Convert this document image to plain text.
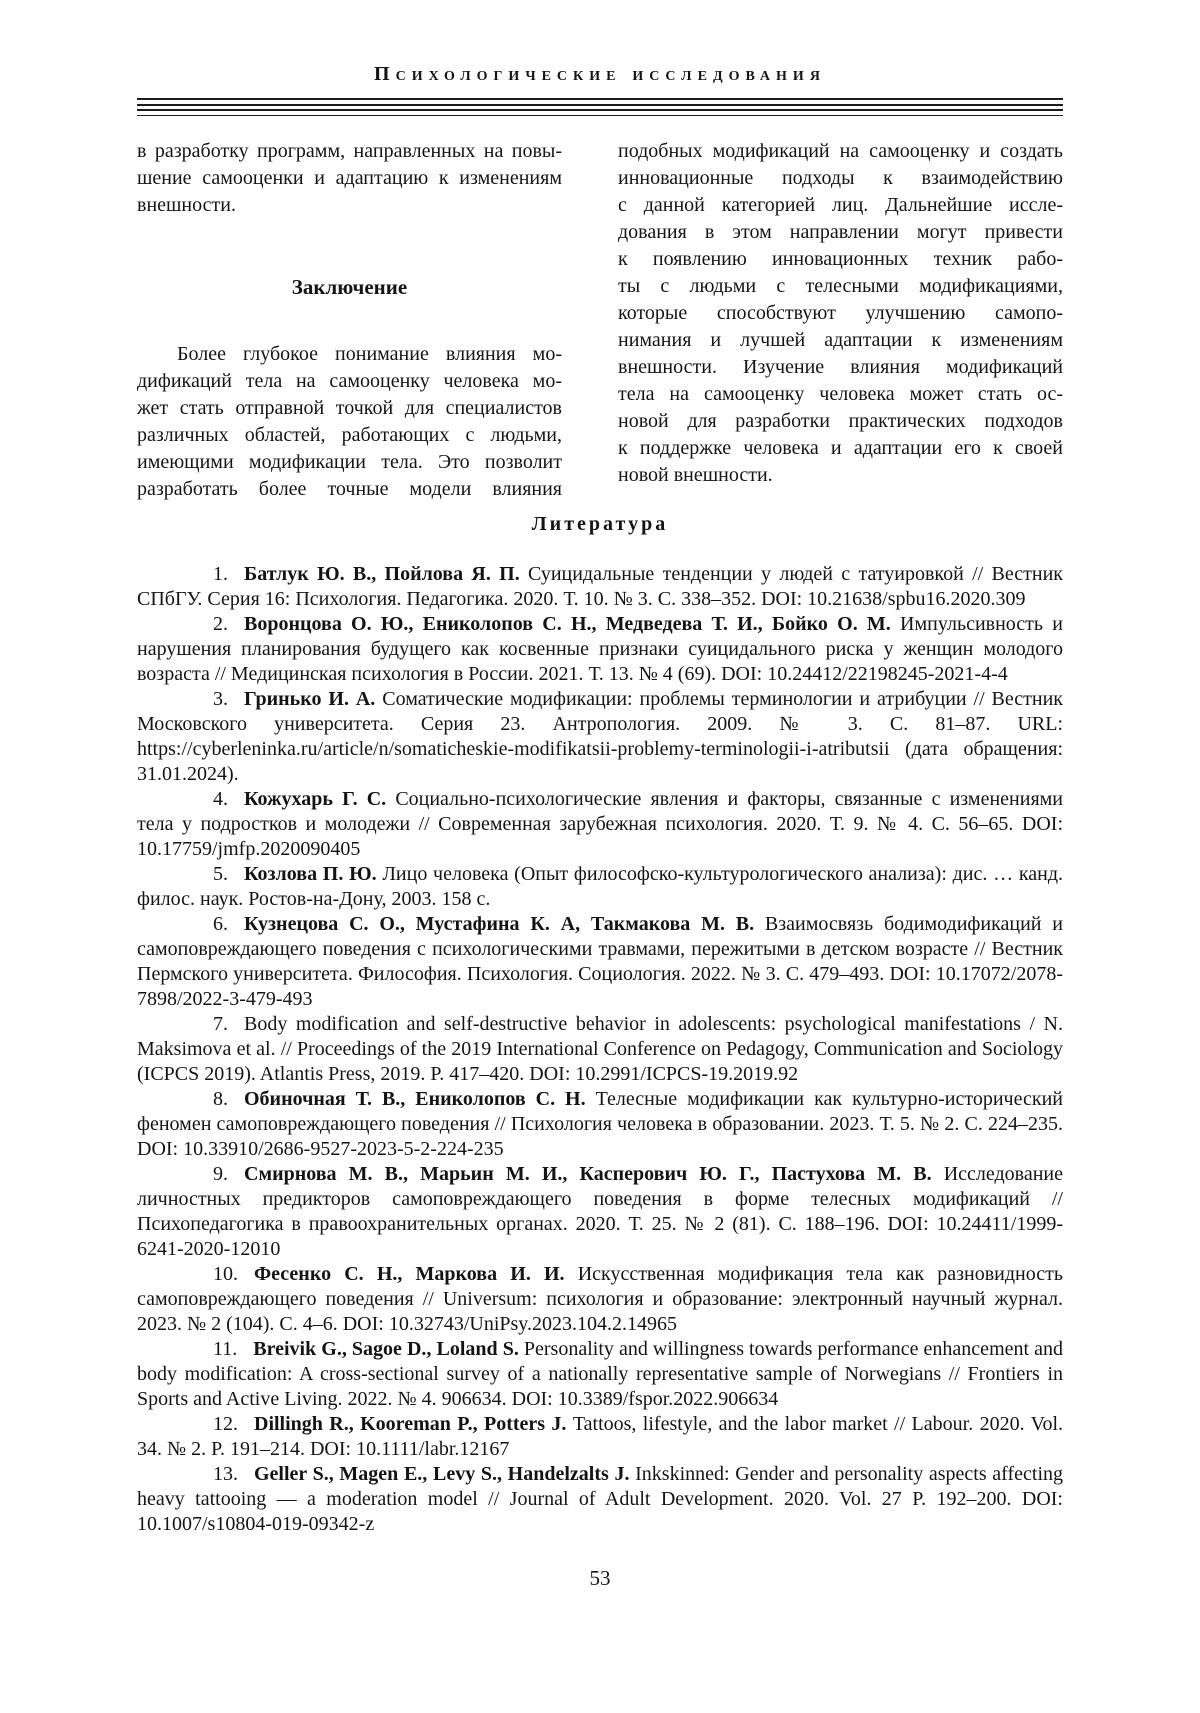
Психологические исследования
в разработку программ, направленных на повы-
шение самооценки и адаптацию к изменениям
внешности.
Заключение
Более глубокое понимание влияния мо-
дификаций тела на самооценку человека мо-
жет стать отправной точкой для специалистов
различных областей, работающих с людьми,
имеющими модификации тела. Это позволит
разработать более точные модели влияния
подобных модификаций на самооценку и создать
инновационные подходы к взаимодействию
с данной категорией лиц. Дальнейшие иссле-
дования в этом направлении могут привести
к появлению инновационных техник рабо-
ты с людьми с телесными модификациями,
которые способствуют улучшению самопо-
нимания и лучшей адаптации к изменениям
внешности. Изучение влияния модификаций
тела на самооценку человека может стать ос-
новой для разработки практических подходов
к поддержке человека и адаптации его к своей
новой внешности.
Литература

1. Батлук Ю. В., Пойлова Я. П. Суицидальные тенденции у людей с татуировкой // Вестник СПбГУ. Серия 16: Психология. Педагогика. 2020. Т. 10. № 3. С. 338–352. DOI: 10.21638/spbu16.2020.309

2. Воронцова О. Ю., Ениколопов С. Н., Медведева Т. И., Бойко О. М. Импульсивность и нарушения планирования будущего как косвенные признаки суицидального риска у женщин молодого возраста // Медицинская психология в России. 2021. Т. 13. № 4 (69). DOI: 10.24412/22198245-2021-4-4

3. Гринько И. А. Соматические модификации: проблемы терминологии и атрибуции // Вестник Московского университета. Серия 23. Антропология. 2009. № 3. С. 81–87. URL: https://cyberleninka.ru/article/n/somaticheskie-modifikatsii-problemy-terminologii-i-atributsii (дата обращения: 31.01.2024).

4. Кожухарь Г. С. Социально-психологические явления и факторы, связанные с изменениями тела у подростков и молодежи // Современная зарубежная психология. 2020. Т. 9. № 4. С. 56–65. DOI: 10.17759/jmfp.2020090405

5. Козлова П. Ю. Лицо человека (Опыт философско-культурологического анализа): дис. … канд. филос. наук. Ростов-на-Дону, 2003. 158 с.

6. Кузнецова С. О., Мустафина К. А, Такмакова М. В. Взаимосвязь бодимодификаций и самоповреждающего поведения с психологическими травмами, пережитыми в детском возрасте // Вестник Пермского университета. Философия. Психология. Социология. 2022. № 3. С. 479–493. DOI: 10.17072/2078-7898/2022-3-479-493

7. Body modification and self-destructive behavior in adolescents: psychological manifestations / N. Maksimova et al. // Proceedings of the 2019 International Conference on Pedagogy, Communication and Sociology (ICPCS 2019). Atlantis Press, 2019. P. 417–420. DOI: 10.2991/ICPCS-19.2019.92

8. Обиночная Т. В., Ениколопов С. Н. Телесные модификации как культурно-исторический феномен самоповреждающего поведения // Психология человека в образовании. 2023. Т. 5. № 2. С. 224–235. DOI: 10.33910/2686-9527-2023-5-2-224-235

9. Смирнова М. В., Марьин М. И., Касперович Ю. Г., Пастухова М. В. Исследование личностных предикторов самоповреждающего поведения в форме телесных модификаций // Психопедагогика в правоохранительных органах. 2020. Т. 25. № 2 (81). С. 188–196. DOI: 10.24411/1999-6241-2020-12010

10. Фесенко С. Н., Маркова И. И. Искусственная модификация тела как разновидность самоповреждающего поведения // Universum: психология и образование: электронный научный журнал. 2023. № 2 (104). С. 4–6. DOI: 10.32743/UniPsy.2023.104.2.14965

11. Breivik G., Sagoe D., Loland S. Personality and willingness towards performance enhancement and body modification: A cross-sectional survey of a nationally representative sample of Norwegians // Frontiers in Sports and Active Living. 2022. № 4. 906634. DOI: 10.3389/fspor.2022.906634

12. Dillingh R., Kooreman P., Potters J. Tattoos, lifestyle, and the labor market // Labour. 2020. Vol. 34. № 2. P. 191–214. DOI: 10.1111/labr.12167

13. Geller S., Magen E., Levy S., Handelzalts J. Inkskinned: Gender and personality aspects affecting heavy tattooing — a moderation model // Journal of Adult Development. 2020. Vol. 27 P. 192–200. DOI: 10.1007/s10804-019-09342-z

53
